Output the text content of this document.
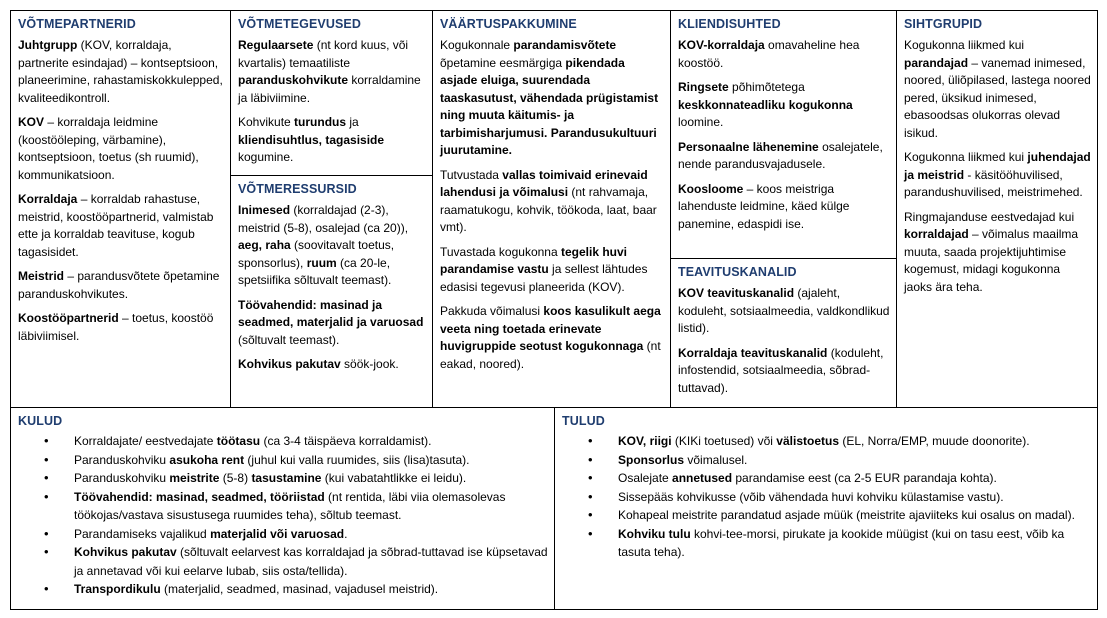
VÕTMEPARTNERID
Juhtgrupp (KOV, korraldaja, partnerite esindajad) – kontseptsioon, planeerimine, rahastamiskokkulepped, kvaliteedikontroll.
KOV – korraldaja leidmine (koostööleping, värbamine), kontseptsioon, toetus (sh ruumid), kommunikatsioon.
Korraldaja – korraldab rahastuse, meistrid, koostööpartnerid, valmistab ette ja korraldab teavituse, kogub tagasisidet.
Meistrid – parandusvõtete õpetamine paranduskohvikutes.
Koostööpartnerid – toetus, koostöö läbiviimisel.
VÕTMETEGEVUSED
Regulaarsete (nt kord kuus, või kvartalis) temaatiliste paranduskohvikute korraldamine ja läbiviimine.
Kohvikute turundus ja kliendisuhtlus, tagasiside kogumine.
VÕTMERESSURSID
Inimesed (korraldajad (2-3), meistrid (5-8), osalejad (ca 20)), aeg, raha (soovitavalt toetus, sponsorlus), ruum (ca 20-le, spetsiifika sõltuvalt teemast).
Töövahendid: masinad ja seadmed, materjalid ja varuosad (sõltuvalt teemast).
Kohvikus pakutav söök-jook.
VÄÄRTUSPAKKUMINE
Kogukonnale parandamisvõtete õpetamine eesmärgiga pikendada asjade eluiga, suurendada taaskasutust, vähendada prügistamist ning muuta käitumis- ja tarbimisharjumusi. Parandusukultuuri juurutamine.
Tutvustada vallas toimivaid erinevaid lahendusi ja võimalusi (nt rahvamaja, raamatukogu, kohvik, töökoda, laat, baar vmt).
Tuvastada kogukonna tegelik huvi parandamise vastu ja sellest lähtudes edasisi tegevusi planeerida (KOV).
Pakkuda võimalusi koos kasulikult aega veeta ning toetada erinevate huvigruppide seotust kogukonnaga (nt eakad, noored).
KLIENDISUHTED
KOV-korraldaja omavaheline hea koostöö.
Ringsete põhimõtetega keskkonnateadliku kogukonna loomine.
Personaalne lähenemine osalejatele, nende parandusvajadusele.
Koosloome – koos meistriga lahenduste leidmine, käed külge panemine, edaspidi ise.
TEAVITUSKANALID
KOV teavituskanalid (ajaleht, koduleht, sotsiaalmeedia, valdkondlikud listid).
Korraldaja teavituskanalid (koduleht, infostendid, sotsiaalmeedia, sõbrad-tuttavad).
SIHTGRUPID
Kogukonna liikmed kui parandajad – vanemad inimesed, noored, üliõpilased, lastega noored pered, üksikud inimesed, ebasoodsas olukorras olevad isikud.
Kogukonna liikmed kui juhendajad ja meistrid - käsitööhuvilised, parandushuvilised, meistrimehed.
Ringmajanduse eestvedajad kui korraldajad – võimalus maailma muuta, saada projektijuhtimise kogemust, midagi kogukonna jaoks ära teha.
KULUD
• Korraldajate/ eestvedajate töötasu (ca 3-4 täispäeva korraldamist).
• Paranduskohviku asukoha rent (juhul kui valla ruumides, siis (lisa)tasuta).
• Paranduskohviku meistrite (5-8) tasustamine (kui vabatahtlikke ei leidu).
• Töövahendid: masinad, seadmed, tööriistad (nt rentida, läbi viia olemasolevas töökojas/vastava sisustusega ruumides teha), sõltub teemast.
• Parandamiseks vajalikud materjalid või varuosad.
• Kohvikus pakutav (sõltuvalt eelarvest kas korraldajad ja sõbrad-tuttavad ise küpsetavad ja annetavad või kui eelarve lubab, siis osta/tellida).
• Transpordikulu (materjalid, seadmed, masinad, vajadusel meistrid).
TULUD
• KOV, riigi (KIKi toetused) või välistoetus (EL, Norra/EMP, muude doonorite).
• Sponsorlus võimalusel.
• Osalejate annetused parandamise eest (ca 2-5 EUR parandaja kohta).
• Sissepääs kohvikusse (võib vähendada huvi kohviku külastamise vastu).
• Kohapeal meistrite parandatud asjade müük (meistrite ajaviiteks kui osalus on madal).
• Kohviku tulu kohvi-tee-morsi, pirukate ja kookide müügist (kui on tasu eest, võib ka tasuta teha).
